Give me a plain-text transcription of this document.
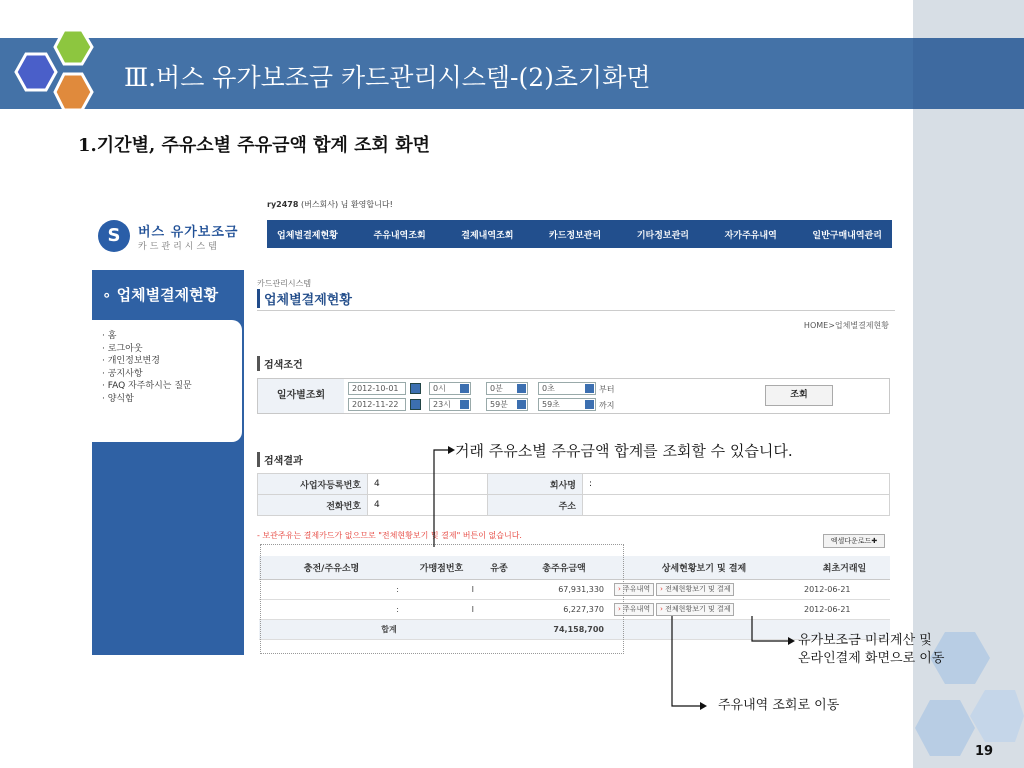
Ⅲ.버스 유가보조금 카드관리시스템-(2)초기화면
1.기간별, 주유소별 주유금액 합계 조회 화면
ry2478 (버스회사) 님 환영합니다!
S	버스 유가보조금
카드관리시스템
업체별결제현황	주유내역조회	결제내역조회	카드정보관리	기타정보관리	자가주유내역	일반구매내역관리
∘ 업체별결제현황
· 홈
· 로그아웃
· 개인정보변경
· 공지사항
· FAQ 자주하시는 질문
· 양식함
카드관리시스템
업체별결제현황
HOME>업체별결제현황
검색조건
일자별조회
2012-10-01
2012-11-22
0시
23시
0분
59분
0초
59초
부터
까지
조회
검색결과
사업자등록번호	4	회사명	:
전화번호	4	주소	
- 보관주유는 결제카드가 없으므로 "전체현황보기 및 결제" 버튼이 없습니다.
엑셀다운로드✚
충전/주유소명	가맹점번호	유종	총주유금액	상세현황보기 및 결제	최초거래일
:	I		67,931,330	› 주유내역 › 전체현황보기 및 결제	2012-06-21
:	I		6,227,370	› 주유내역 › 전체현황보기 및 결제	2012-06-21
합계			74,158,700		
거래 주유소별 주유금액 합계를 조회할 수 있습니다.
유가보조금 미리계산 및
온라인결제 화면으로 이동
주유내역 조회로 이동
19
